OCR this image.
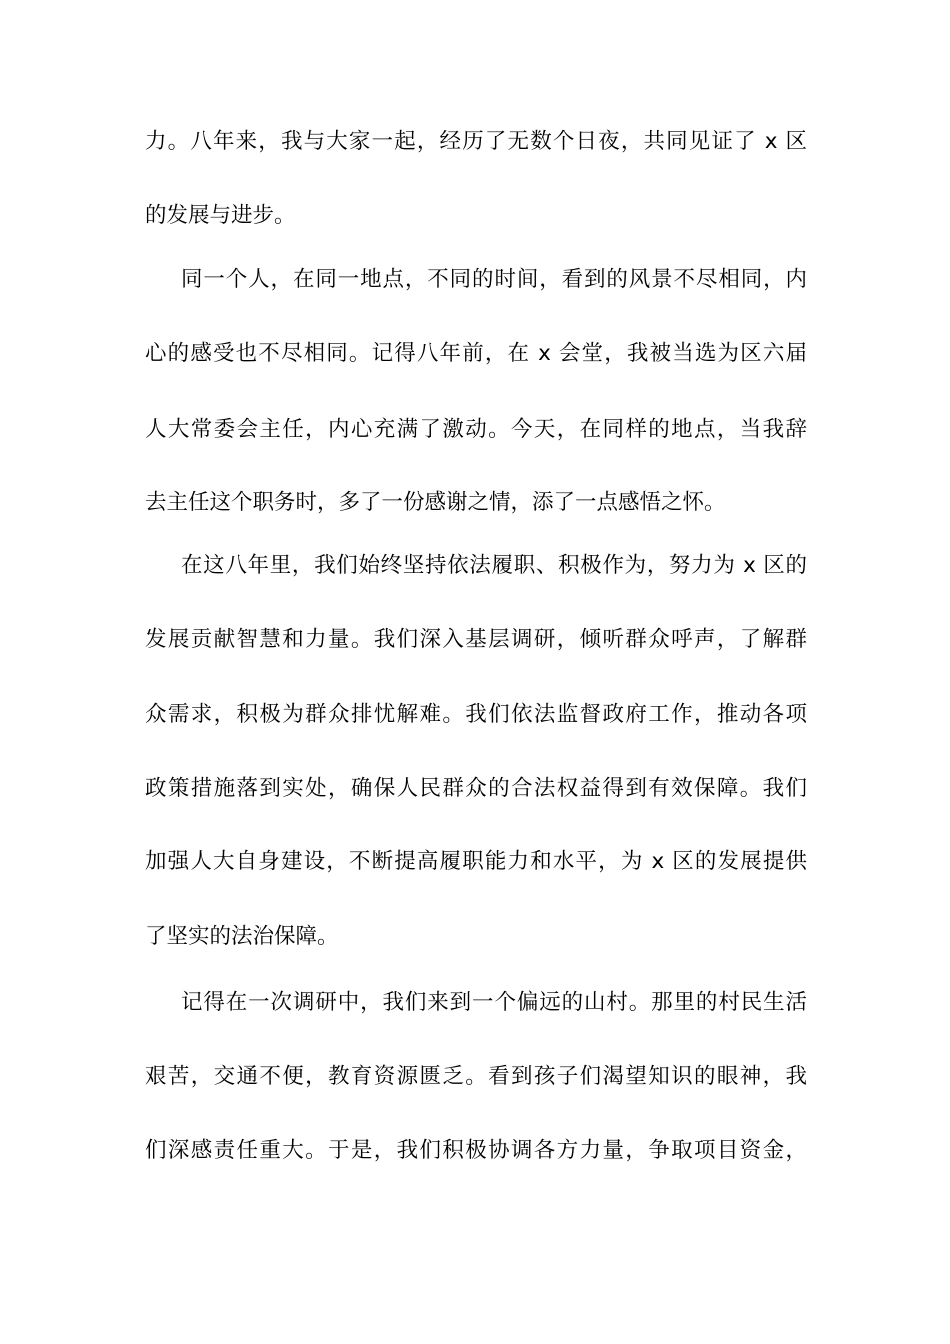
力。八年来，我与大家一起，经历了无数个日夜，共同见证了 x 区
的发展与进步。
同一个人，在同一地点，不同的时间，看到的风景不尽相同，内
心的感受也不尽相同。记得八年前，在 x 会堂，我被当选为区六届
人大常委会主任，内心充满了激动。今天，在同样的地点，当我辞
去主任这个职务时，多了一份感谢之情，添了一点感悟之怀。
在这八年里，我们始终坚持依法履职、积极作为，努力为 x 区的
发展贡献智慧和力量。我们深入基层调研，倾听群众呼声，了解群
众需求，积极为群众排忧解难。我们依法监督政府工作，推动各项
政策措施落到实处，确保人民群众的合法权益得到有效保障。我们
加强人大自身建设，不断提高履职能力和水平，为 x 区的发展提供
了坚实的法治保障。
记得在一次调研中，我们来到一个偏远的山村。那里的村民生活
艰苦，交通不便，教育资源匮乏。看到孩子们渴望知识的眼神，我
们深感责任重大。于是，我们积极协调各方力量，争取项目资金，
